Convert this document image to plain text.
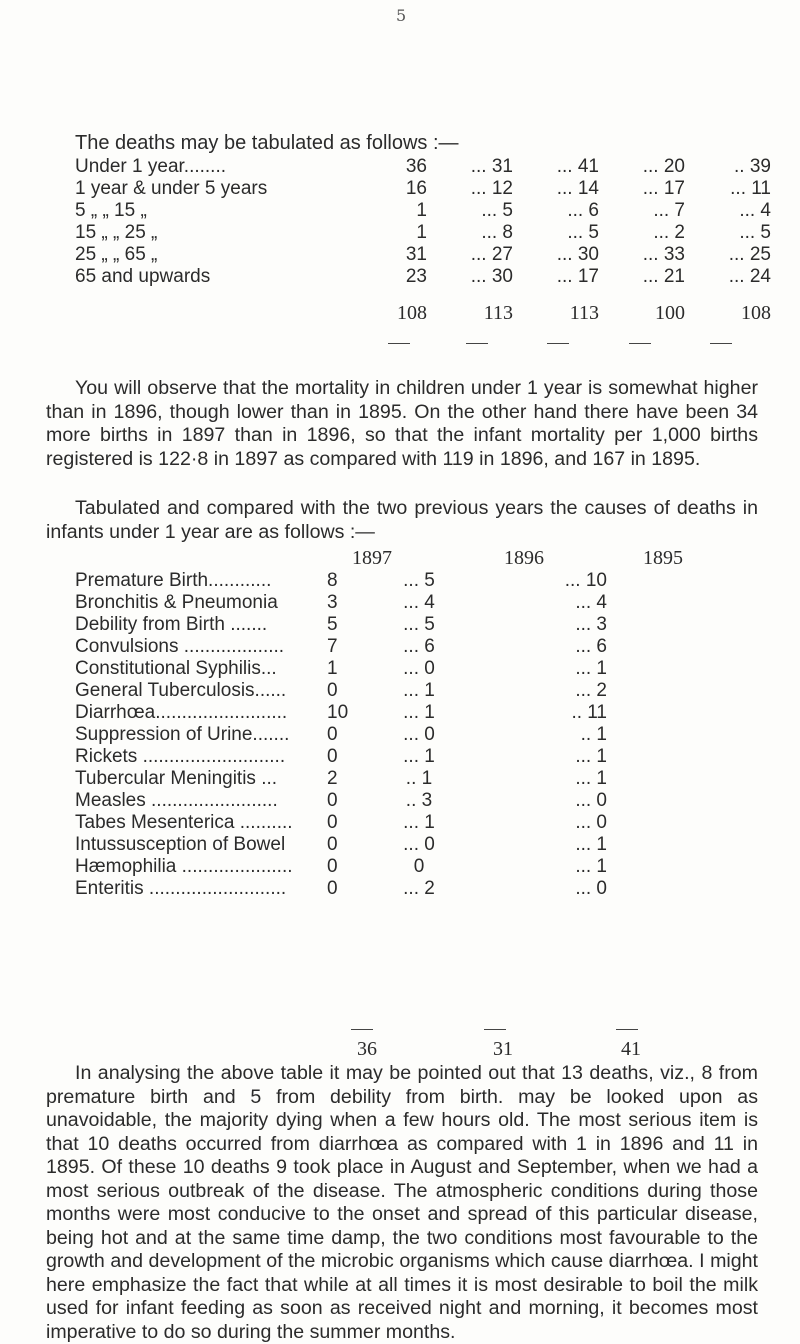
5
The deaths may be tabulated as follows :—
Under 1 year........	36	... 31	... 41	... 20	.. 39
1 year & under 5 years	16	... 12	... 14	... 17	... 11
5 „ „ 15 „	1	... 5	... 6	... 7	... 4
15 „ „ 25 „	1	... 8	... 5	... 2	... 5
25 „ „ 65 „	31	... 27	... 30	... 33	... 25
65 and upwards	23	... 30	... 17	... 21	... 24
	108	113	113	100	108

You will observe that the mortality in children under 1 year is somewhat higher than in 1896, though lower than in 1895. On the other hand there have been 34 more births in 1897 than in 1896, so that the infant mortality per 1,000 births registered is 122·8 in 1897 as compared with 119 in 1896, and 167 in 1895.

Tabulated and compared with the two previous years the causes of deaths in infants under 1 year are as follows :—

1897	1896	1895
Premature Birth............	8	... 5	... 10
Bronchitis & Pneumonia	3	... 4	... 4
Debility from Birth .......	5	... 5	... 3
Convulsions ...................	7	... 6	... 6
Constitutional Syphilis...	1	... 0	... 1
General Tuberculosis......	0	... 1	... 2
Diarrhœa.........................	10	... 1	.. 11
Suppression of Urine.......	0	... 0	.. 1
Rickets ...........................	0	... 1	... 1
Tubercular Meningitis ...	2	.. 1	... 1
Measles ........................	0	.. 3	... 0
Tabes Mesenterica ..........	0	... 1	... 0
Intussusception of Bowel	0	... 0	... 1
Hæmophilia .....................	0	0	... 1
Enteritis ..........................	0	... 2	... 0
36	31	41

In analysing the above table it may be pointed out that 13 deaths, viz., 8 from premature birth and 5 from debility from birth. may be looked upon as unavoidable, the majority dying when a few hours old. The most serious item is that 10 deaths occurred from diarrhœa as compared with 1 in 1896 and 11 in 1895. Of these 10 deaths 9 took place in August and September, when we had a most serious outbreak of the disease. The atmospheric conditions during those months were most conducive to the onset and spread of this particular disease, being hot and at the same time damp, the two conditions most favourable to the growth and development of the microbic organisms which cause diarrhœa. I might here emphasize the fact that while at all times it is most desirable to boil the milk used for infant feeding as soon as received night and morning, it becomes most imperative to do so during the summer months.
